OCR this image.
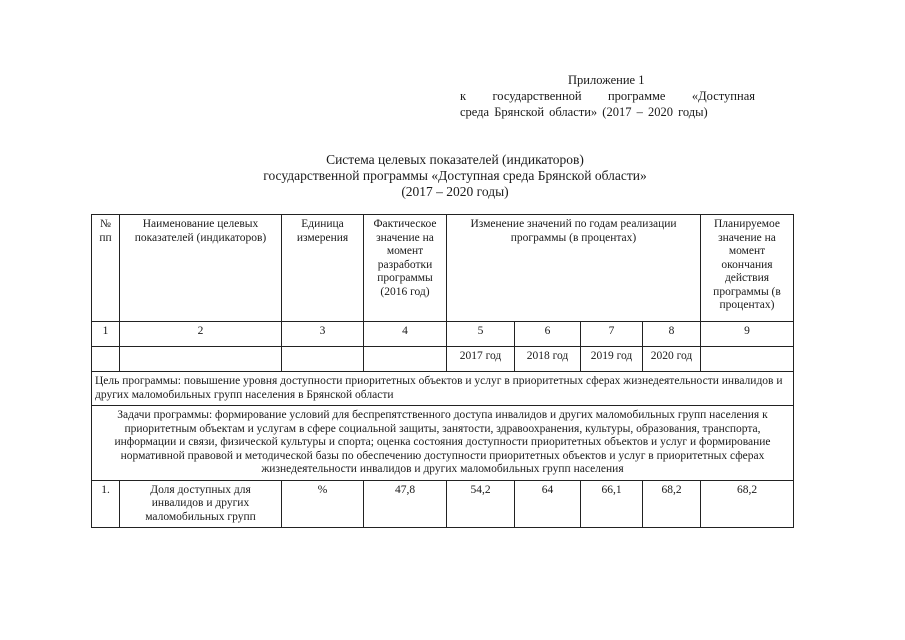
Приложение 1
к государственной программе «Доступная
среда Брянской области» (2017 – 2020 годы)
Система целевых показателей (индикаторов)
государственной программы «Доступная среда Брянской области»
(2017 – 2020 годы)
№ пп	Наименование целевых показателей (индикаторов)	Единица измерения	Фактическое значение на момент разработки программы (2016 год)	Изменение значений по годам реализации программы (в процентах)				Планируемое значение на момент окончания действия программы (в процентах)
1	2	3	4	5	6	7	8	9
				2017 год	2018 год	2019 год	2020 год	
Цель программы: повышение уровня доступности приоритетных объектов и услуг в приоритетных сферах жизнедеятельности инвалидов и других маломобильных групп населения в Брянской области								
Задачи программы: формирование условий для беспрепятственного доступа инвалидов и других маломобильных групп населения к приоритетным объектам и услугам в сфере социальной защиты, занятости, здравоохранения, культуры, образования, транспорта, информации и связи, физической культуры и спорта; оценка состояния доступности приоритетных объектов и услуг и формирование нормативной правовой и методической базы по обеспечению доступности приоритетных объектов и услуг в приоритетных сферах жизнедеятельности инвалидов и других маломобильных групп населения								
1.	Доля доступных для инвалидов и других маломобильных групп	%	47,8	54,2	64	66,1	68,2	68,2
